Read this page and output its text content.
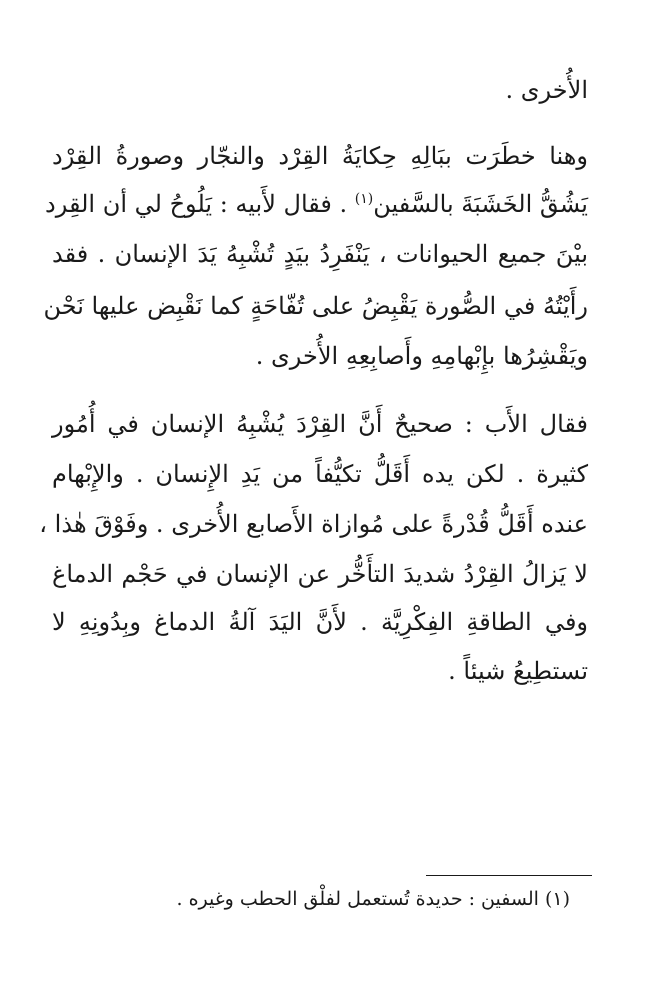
الأُخرى .
وهنا خطَرَت ببَالِهِ حِكايَةُ القِرْد والنجّار وصورةُ القِرْد
يَشُقُّ الخَشَبَةَ بالسَّفين$^{(١)}$ . فقال لأَبيه : يَلُوحُ لي أن القِرد
بيْنَ جميع الحيوانات ، يَنْفَرِدُ بيَدٍ تُشْبِهُ يَدَ الإنسان . فقد
رأَيْتُهُ في الصُّورة يَقْبِضُ على تُفّاحَةٍ كما نَقْبِض عليها نَحْن
ويَقْشِرُها بإِبْهامِهِ وأَصابِعِهِ الأُخرى .
فقال الأَب : صحيحٌ أَنَّ القِرْدَ يُشْبِهُ الإنسان في أُمُور
كثيرة . لكن يده أَقَلُّ تكيُّفاً من يَدِ الإِنسان . والإِبْهام
عنده أَقَلُّ قُدْرةً على مُوازاة الأَصابع الأُخرى . وفَوْقَ هٰذا ،
لا يَزالُ القِرْدُ شديدَ التأَخُّر عن الإنسان في حَجْم الدماغ
وفي الطاقةِ الفِكْرِيَّة . لأَنَّ اليَدَ آلةُ الدماغ وبِدُونِهِ لا
تستطِيعُ شيئاً .
(١) السفين : حديدة تُستعمل لفلْق الحطب وغيره .
